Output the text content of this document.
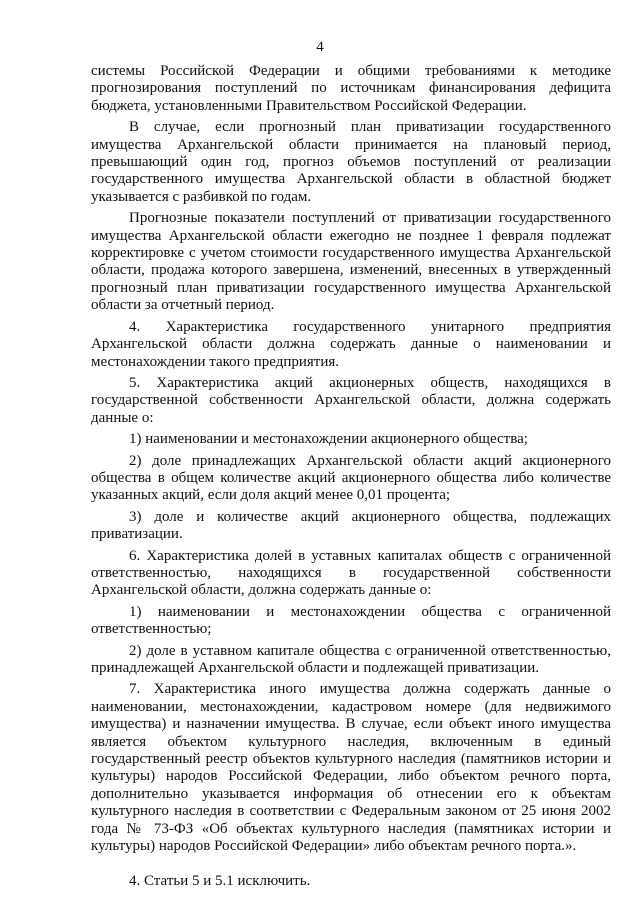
4

системы Российской Федерации и общими требованиями к методике прогнозирования поступлений по источникам финансирования дефицита бюджета, установленными Правительством Российской Федерации.

В случае, если прогнозный план приватизации государственного имущества Архангельской области принимается на плановый период, превышающий один год, прогноз объемов поступлений от реализации государственного имущества Архангельской области в областной бюджет указывается с разбивкой по годам.

Прогнозные показатели поступлений от приватизации государственного имущества Архангельской области ежегодно не позднее 1 февраля подлежат корректировке с учетом стоимости государственного имущества Архангельской области, продажа которого завершена, изменений, внесенных в утвержденный прогнозный план приватизации государственного имущества Архангельской области за отчетный период.

4. Характеристика государственного унитарного предприятия Архангельской области должна содержать данные о наименовании и местонахождении такого предприятия.

5. Характеристика акций акционерных обществ, находящихся в государственной собственности Архангельской области, должна содержать данные о:

1) наименовании и местонахождении акционерного общества;

2) доле принадлежащих Архангельской области акций акционерного общества в общем количестве акций акционерного общества либо количестве указанных акций, если доля акций менее 0,01 процента;

3) доле и количестве акций акционерного общества, подлежащих приватизации.

6. Характеристика долей в уставных капиталах обществ с ограниченной ответственностью, находящихся в государственной собственности Архангельской области, должна содержать данные о:

1) наименовании и местонахождении общества с ограниченной ответственностью;

2) доле в уставном капитале общества с ограниченной ответственностью, принадлежащей Архангельской области и подлежащей приватизации.

7. Характеристика иного имущества должна содержать данные о наименовании, местонахождении, кадастровом номере (для недвижимого имущества) и назначении имущества. В случае, если объект иного имущества является объектом культурного наследия, включенным в единый государственный реестр объектов культурного наследия (памятников истории и культуры) народов Российской Федерации, либо объектом речного порта, дополнительно указывается информация об отнесении его к объектам культурного наследия в соответствии с Федеральным законом от 25 июня 2002 года № 73-ФЗ «Об объектах культурного наследия (памятниках истории и культуры) народов Российской Федерации» либо объектам речного порта.».

4. Статьи 5 и 5.1 исключить.
